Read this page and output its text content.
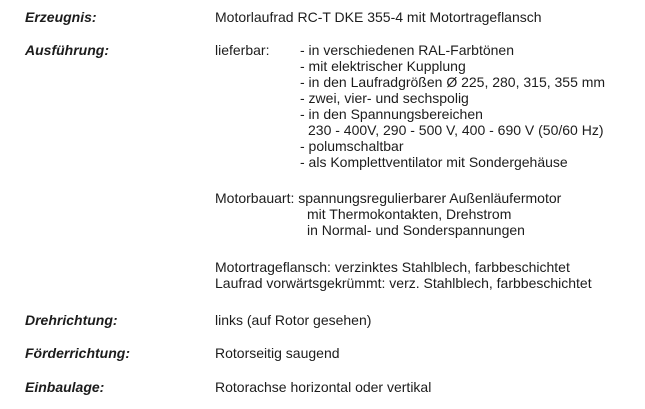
Erzeugnis:	Motorlaufrad RC-T DKE 355-4 mit Motortrageflansch
Ausführung:	lieferbar: - in verschiedenen RAL-Farbtönen
- mit elektrischer Kupplung
- in den Laufradgrößen Ø 225, 280, 315, 355 mm
- zwei, vier- und sechspolig
- in den Spannungsbereichen
230 - 400V, 290 - 500 V, 400 - 690 V (50/60 Hz)
- polumschaltbar
- als Komplettventilator mit Sondergehäuse
Motorbauart: spannungsregulierbarer Außenläufermotor
mit Thermokontakten, Drehstrom
in Normal- und Sonderspannungen
Motortrageflansch: verzinktes Stahlblech, farbbeschichtet
Laufrad vorwärtsgekrümmt: verz. Stahlblech, farbbeschichtet
Drehrichtung:	links (auf Rotor gesehen)
Förderrichtung:	Rotorseitig saugend
Einbaulage:	Rotorachse horizontal oder vertikal
